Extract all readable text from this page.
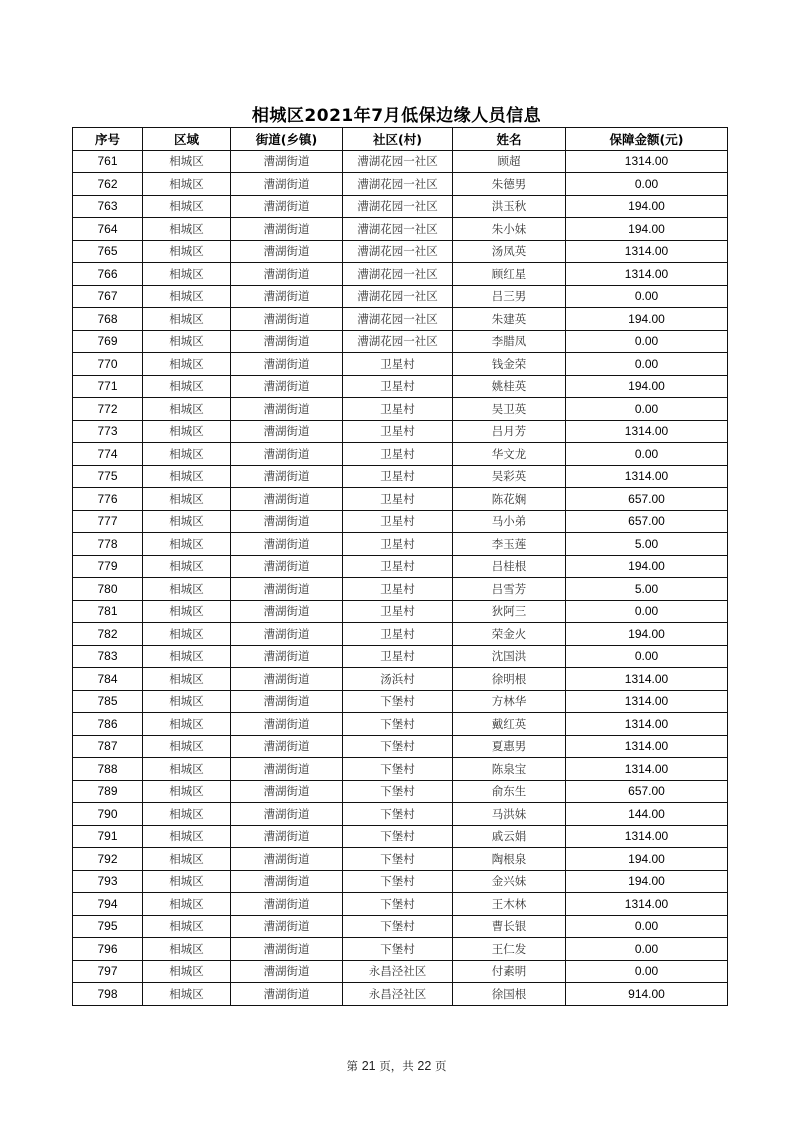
相城区2021年7月低保边缘人员信息
序号	区域	街道(乡镇)	社区(村)	姓名	保障金额(元)
761	相城区	漕湖街道	漕湖花园一社区	顾超	1314.00
762	相城区	漕湖街道	漕湖花园一社区	朱德男	0.00
763	相城区	漕湖街道	漕湖花园一社区	洪玉秋	194.00
764	相城区	漕湖街道	漕湖花园一社区	朱小妹	194.00
765	相城区	漕湖街道	漕湖花园一社区	汤凤英	1314.00
766	相城区	漕湖街道	漕湖花园一社区	顾红星	1314.00
767	相城区	漕湖街道	漕湖花园一社区	吕三男	0.00
768	相城区	漕湖街道	漕湖花园一社区	朱建英	194.00
769	相城区	漕湖街道	漕湖花园一社区	李腊凤	0.00
770	相城区	漕湖街道	卫星村	钱金荣	0.00
771	相城区	漕湖街道	卫星村	姚桂英	194.00
772	相城区	漕湖街道	卫星村	吴卫英	0.00
773	相城区	漕湖街道	卫星村	吕月芳	1314.00
774	相城区	漕湖街道	卫星村	华文龙	0.00
775	相城区	漕湖街道	卫星村	吴彩英	1314.00
776	相城区	漕湖街道	卫星村	陈花娴	657.00
777	相城区	漕湖街道	卫星村	马小弟	657.00
778	相城区	漕湖街道	卫星村	李玉莲	5.00
779	相城区	漕湖街道	卫星村	吕桂根	194.00
780	相城区	漕湖街道	卫星村	吕雪芳	5.00
781	相城区	漕湖街道	卫星村	狄阿三	0.00
782	相城区	漕湖街道	卫星村	荣金火	194.00
783	相城区	漕湖街道	卫星村	沈国洪	0.00
784	相城区	漕湖街道	汤浜村	徐明根	1314.00
785	相城区	漕湖街道	下堡村	方林华	1314.00
786	相城区	漕湖街道	下堡村	戴红英	1314.00
787	相城区	漕湖街道	下堡村	夏惠男	1314.00
788	相城区	漕湖街道	下堡村	陈泉宝	1314.00
789	相城区	漕湖街道	下堡村	俞东生	657.00
790	相城区	漕湖街道	下堡村	马洪妹	144.00
791	相城区	漕湖街道	下堡村	戚云娟	1314.00
792	相城区	漕湖街道	下堡村	陶根泉	194.00
793	相城区	漕湖街道	下堡村	金兴妹	194.00
794	相城区	漕湖街道	下堡村	王木林	1314.00
795	相城区	漕湖街道	下堡村	曹长银	0.00
796	相城区	漕湖街道	下堡村	王仁发	0.00
797	相城区	漕湖街道	永昌泾社区	付素明	0.00
798	相城区	漕湖街道	永昌泾社区	徐国根	914.00
第 21 页，共 22 页
